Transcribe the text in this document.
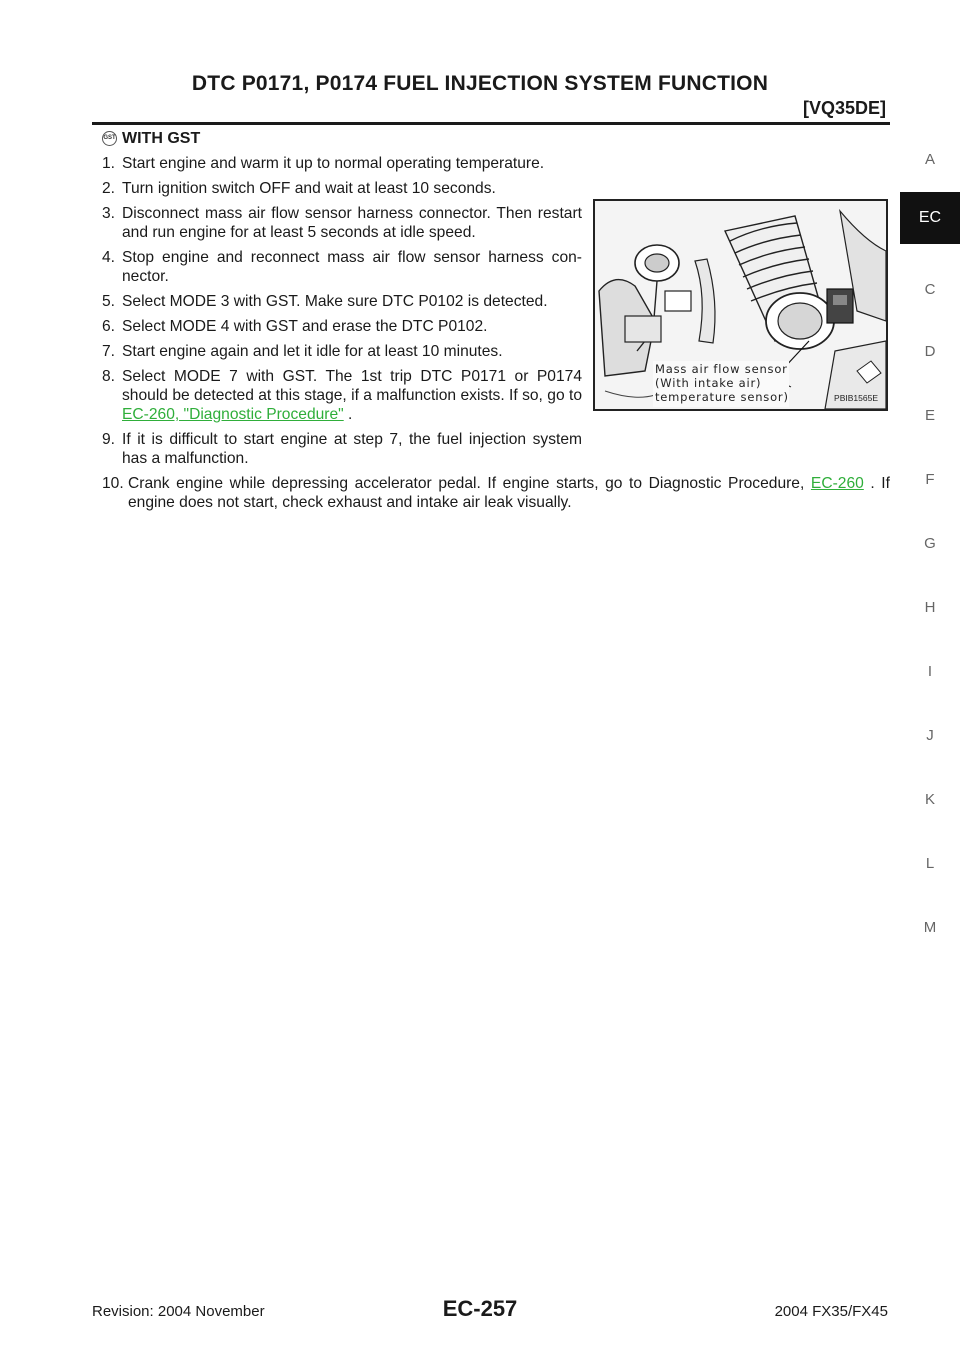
DTC P0171, P0174 FUEL INJECTION SYSTEM FUNCTION
[VQ35DE]
A
EC
C
D
E
F
G
H
I
J
K
L
M
GST WITH GST
1. Start engine and warm it up to normal operating temperature.
2. Turn ignition switch OFF and wait at least 10 seconds.
3. Disconnect mass air flow sensor harness connector. Then restart and run engine for at least 5 seconds at idle speed.
4. Stop engine and reconnect mass air flow sensor harness con-nector.
5. Select MODE 3 with GST. Make sure DTC P0102 is detected.
6. Select MODE 4 with GST and erase the DTC P0102.
7. Start engine again and let it idle for at least 10 minutes.
8. Select MODE 7 with GST. The 1st trip DTC P0171 or P0174 should be detected at this stage, if a malfunction exists. If so, go to EC-260, "Diagnostic Procedure" .
9. If it is difficult to start engine at step 7, the fuel injection system has a malfunction.
10. Crank engine while depressing accelerator pedal. If engine starts, go to Diagnostic Procedure, EC-260 . If engine does not start, check exhaust and intake air leak visually.
Mass air flow sensor
(With intake air)
temperature sensor)	PBIB1565E
Revision: 2004 November	EC-257	2004 FX35/FX45
